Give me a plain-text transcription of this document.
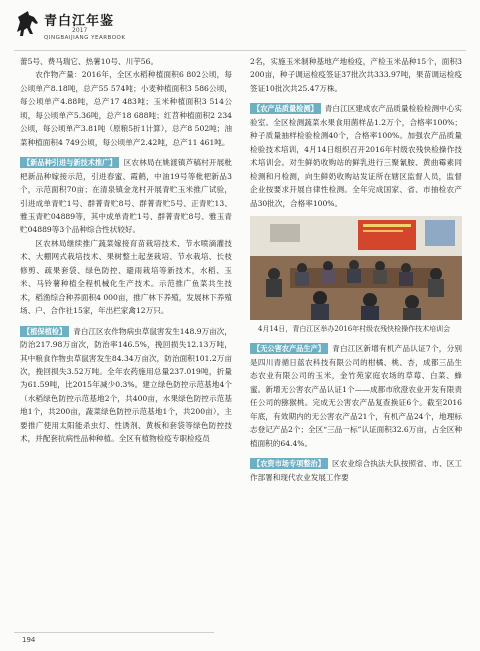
青白江年鉴
2017
QINGBAIJIANG YEARBOOK

蕾5号、费马瑞它、热薯10号、川芋56。

农作物产量：2016年，全区水稻种植面积6 802公顷，每公顷单产8.18吨，总产55 574吨；小麦种植面积3 586公顷，每公顷单产4.88吨，总产17 483吨；玉米种植面积3 514公顷，每公顷单产5.36吨，总产18 688吨；红苕种植面积2 234公顷，每公顷单产3.81吨（原粮5折1计算），总产8 502吨；油菜种植面积4 749公顷，每公顷单产2.42吨，总产11 461吨。

【新品种引进与新技术推广】 区农林局在姚渡镇芦稿村开展枇杷新品种嫁接示范，引进春蜜、霞鹤，中油19号等枇杷新品3个，示范面积70亩；在清泉镇金龙村开展青贮玉米推广试验，引进成单青贮1号、群菁青贮8号、群菁青贮5号、正青贮13、雅玉青贮04889等，其中成单青贮1号、群菁青贮8号、雅玉青贮04889等3个品种综合性状较好。

区农林局继续推广蔬菜嫁接育苗栽培技术、节水喷滴灌技术、大棚网式栽培技术、果树整土起垄栽培、节水栽培、长枝修剪、疏果套袋、绿色防控、避雨栽培等新技术，水稻、玉米、马铃薯种植全程机械化生产技术。示范推广鱼菜共生技术，稻渔综合种养面积4 000亩，推广林下养殖，发展林下养殖场、户、合作社15家，年出栏家禽12万只。

【植保植检】 青白江区农作物病虫草鼠害发生148.9万亩次，防治217.98万亩次，防治率146.5%，挽回损失12.13万吨，其中粮食作物虫草鼠害发生84.34万亩次，防治面积101.2万亩次，挽回损失3.52万吨。全年农药施用总量237.019吨，折量为61.59吨，比2015年减少0.3%。建立绿色防控示范基地4个（水稻绿色防控示范基地2个，共400亩，水果绿色防控示范基地1个，共200亩，蔬菜绿色防控示范基地1个，共200亩），主要推广使用太阳能杀虫灯、性诱剂、黄板和套袋等绿色防控技术，并配套抗病性品种种植。全区有植物检疫专职检疫员

2名，实施玉米制种基地产地检疫，产检玉米品种15个，面积3 200亩，种子调运检疫签证37批次共333.97吨，果苗调运检疫签证10批次共25.47万株。

【农产品质量检测】 青白江区建成农产品质量检验检测中心实验室。全区检测蔬菜水果食用菌样品1.2万个，合格率100%；种子质量抽样检验检测40个，合格率100%。加强农产品质量检验技术培训，4月14日组织召开2016年村级农残快检操作技术培训会。对生鲜奶收购站的鲜乳进行三聚氰胺、黄曲霉素同检测和月检测，向生鲜奶收购站发证所在辖区监督人员，监督企业按要求开展自律性检测。全年完成国家、省、市抽检农产品30批次，合格率100%。

4月14日，青白江区举办2016年村级农残快检操作技术培训会

【无公害农产品生产】 青白江区新增有机产品认证7个，分别是四川青循日蓝农科技有限公司的柑橘、桃、杏，成都三品生态农业有限公司的玉米，金竹苑家庭农场的草莓、白菜、蜂蜜。新增无公害农产品认证1个——成都市欣澄农业开发有限责任公司的猕猴桃。完成无公害农产品复查换证6个。截至2016年底，有效期内的无公害农产品21个，有机产品24个，地理标志登记产品2个；全区“三品一标”认证面积32.6万亩，占全区种植面积的64.4%。

【农资市场专项整治】 区农业综合执法大队按照省、市、区工作部署和现代农业发展工作要

194
